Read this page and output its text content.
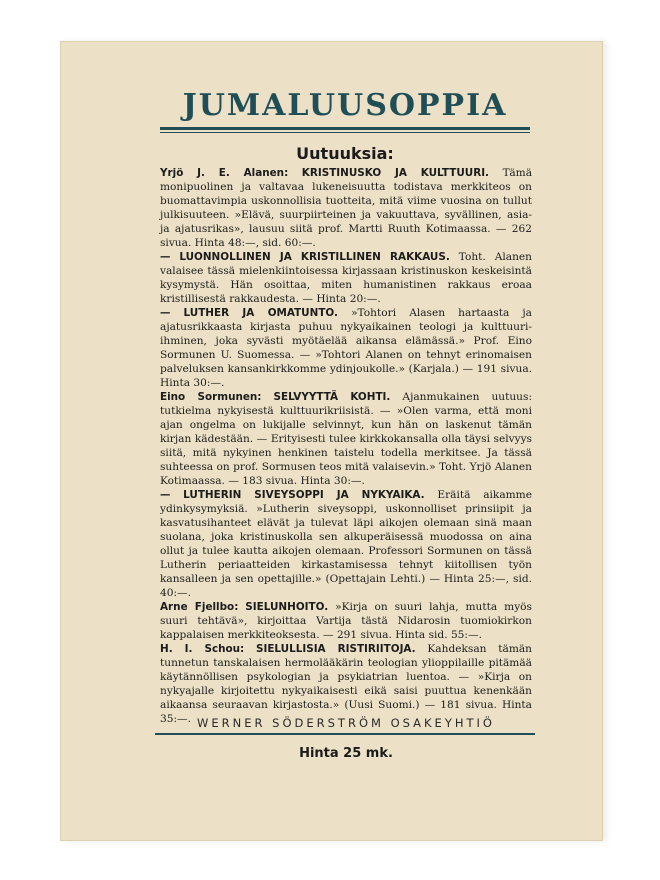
JUMALUUSOPPIA
Uutuuksia:

Yrjö J. E. Alanen: KRISTINUSKO JA KULTTUURI. Tämä monipuolinen ja valtavaa lukeneisuutta todistava merkkiteos on buomattavimpia uskonnollisia tuotteita, mitä viime vuosina on tullut julkisuuteen. »Elävä, suurpiirteinen ja vakuuttava, syvällinen, asia- ja ajatusrikas», lausuu siitä prof. Martti Ruuth Kotimaassa. — 262 sivua. Hinta 48:—, sid. 60:—.

— LUONNOLLINEN JA KRISTILLINEN RAKKAUS. Toht. Alanen valaisee tässä mielenkiintoisessa kirjassaan kristinuskon keskeisintä kysymystä. Hän osoittaa, miten humanistinen rakkaus eroaa kristillisestä rakkaudesta. — Hinta 20:—.

— LUTHER JA OMATUNTO. »Tohtori Alasen hartaasta ja ajatusrikkaasta kirjasta puhuu nykyaikainen teologi ja kulttuuri-ihminen, joka syvästi myötäelää aikansa elämässä.» Prof. Eino Sormunen U. Suomessa. — »Tohtori Alanen on tehnyt erinomaisen palveluksen kansankirkkomme ydinjoukolle.» (Karjala.) — 191 sivua. Hinta 30:—.

Eino Sormunen: SELVYYTTÄ KOHTI. Ajanmukainen uutuus: tutkielma nykyisestä kulttuurikriisistä. — »Olen varma, että moni ajan ongelma on lukijalle selvinnyt, kun hän on laskenut tämän kirjan kädestään. — Erityisesti tulee kirkkokansalla olla täysi selvyys siitä, mitä nykyinen henkinen taistelu todella merkitsee. Ja tässä suhteessa on prof. Sormusen teos mitä valaisevin.» Toht. Yrjö Alanen Kotimaassa. — 183 sivua. Hinta 30:—.

— LUTHERIN SIVEYSOPPI JA NYKYAIKA. Eräitä aikamme ydinkysymyksiä. »Lutherin siveysoppi, uskonnolliset prinsiipit ja kasvatusihanteet elävät ja tulevat läpi aikojen olemaan sinä maan suolana, joka kristinuskolla sen alkuperäisessä muodossa on aina ollut ja tulee kautta aikojen olemaan. Professori Sormunen on tässä Lutherin periaatteiden kirkastamisessa tehnyt kiitollisen työn kansalleen ja sen opettajille.» (Opettajain Lehti.) — Hinta 25:—, sid. 40:—.

Arne Fjellbo: SIELUNHOITO. »Kirja on suuri lahja, mutta myös suuri tehtävä», kirjoittaa Vartija tästä Nidarosin tuomiokirkon kappalaisen merkkiteoksesta. — 291 sivua. Hinta sid. 55:—.

H. I. Schou: SIELULLISIA RISTIRIITOJA. Kahdeksan tämän tunnetun tanskalaisen hermolääkärin teologian ylioppilaille pitämää käytännöllisen psykologian ja psykiatrian luentoa. — »Kirja on nykyajalle kirjoitettu nykyaikaisesti eikä saisi puuttua kenenkään aikaansa seuraavan kirjastosta.» (Uusi Suomi.) — 181 sivua. Hinta 35:—. WERNER SÖDERSTRÖM OSAKEYHTIÖ
Hinta 25 mk.
